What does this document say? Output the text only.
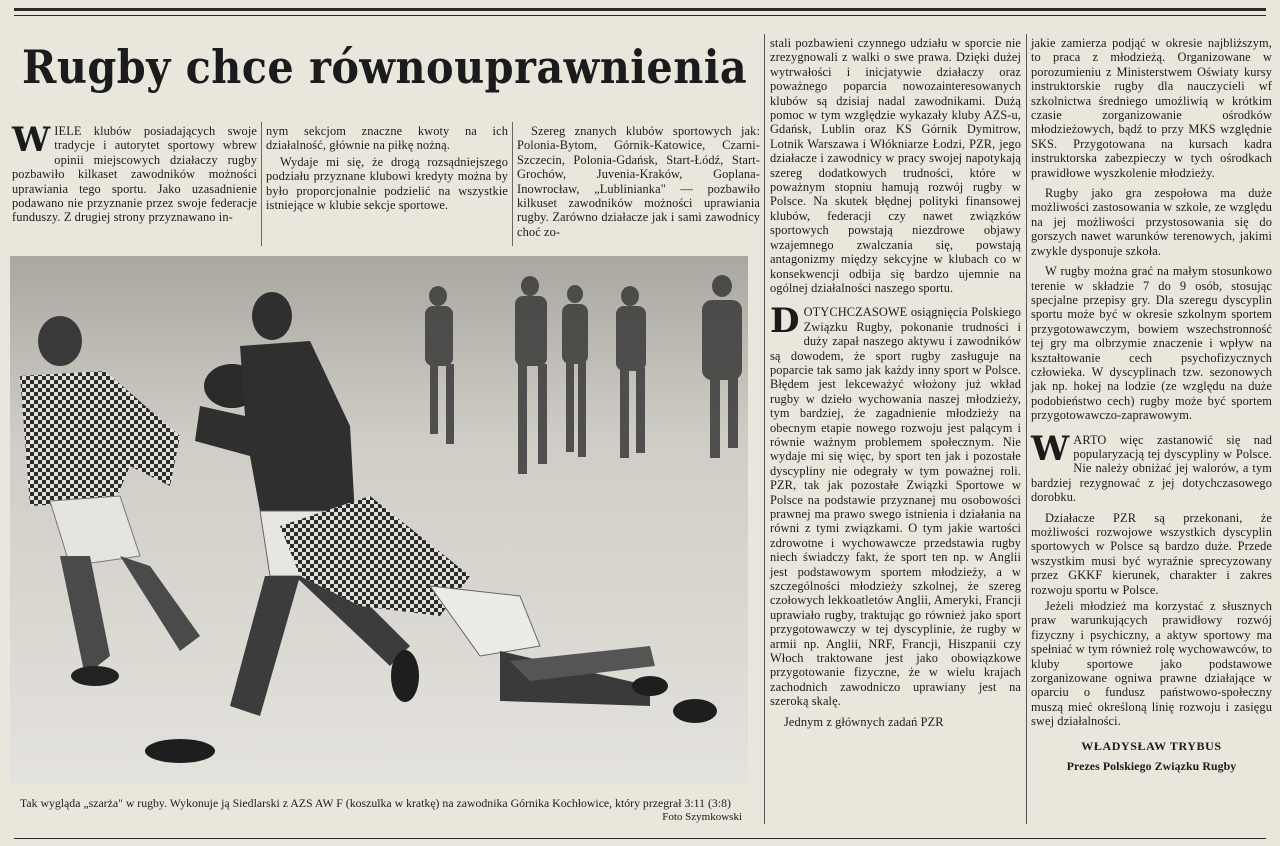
Rugby chce równouprawnienia

WIELE klubów posiadających swoje tradycje i autorytet sportowy wbrew opinii miejscowych działaczy rugby pozbawiło kilkaset zawodników możności uprawiania tego sportu. Jako uzasadnienie podawano nie przyznanie przez swoje federacje funduszy. Z drugiej strony przyznawano in-

nym sekcjom znaczne kwoty na ich działalność, głównie na piłkę nożną.

Wydaje mi się, że drogą rozsądniejszego podziału przyznane klubowi kredyty można by było proporcjonalnie podzielić na wszystkie istniejące w klubie sekcje sportowe.

Szereg znanych klubów sportowych jak: Polonia-Bytom, Górnik-Katowice, Czarni-Szczecin, Polonia-Gdańsk, Start-Łódź, Start-Grochów, Juvenia-Kraków, Goplana-Inowrocław, „Lublinianka" — pozbawiło kilkuset zawodników możności uprawiania rugby. Zarówno działacze jak i sami zawodnicy choć zo-

Tak wygląda „szarża" w rugby. Wykonuje ją Siedlarski z AZS AW F (koszulka w kratkę) na zawodnika Górnika Kochłowice, który przegrał 3:11 (3:8)
Foto Szymkowski

stali pozbawieni czynnego udziału w sporcie nie zrezygnowali z walki o swe prawa. Dzięki dużej wytrwałości i inicjatywie działaczy oraz poważnego poparcia nowozainteresowanych klubów są dzisiaj nadal zawodnikami. Dużą pomoc w tym względzie wykazały kluby AZS-u, Gdańsk, Lublin oraz KS Górnik Dymitrow, Lotnik Warszawa i Włókniarze Łodzi, PZR, jego działacze i zawodnicy w pracy swojej napotykają szereg dodatkowych trudności, które w poważnym stopniu hamują rozwój rugby w Polsce. Na skutek błędnej polityki finansowej klubów, federacji czy nawet związków sportowych powstają niezdrowe objawy wzajemnego zwalczania się, powstają antagonizmy między sekcyjne w klubach co w konsekwencji odbija się bardzo ujemnie na ogólnej działalności naszego sportu.

DOTYCHCZASOWE osiągnięcia Polskiego Związku Rugby, pokonanie trudności i duży zapał naszego aktywu i zawodników są dowodem, że sport rugby zasługuje na poparcie tak samo jak każdy inny sport w Polsce. Błędem jest lekceważyć włożony już wkład rugby w dzieło wychowania naszej młodzieży, tym bardziej, że zagadnienie młodzieży na obecnym etapie nowego rozwoju jest palącym i równie ważnym problemem społecznym. Nie wydaje mi się więc, by sport ten jak i pozostałe dyscypliny nie odegrały w tym poważnej roli. PZR, tak jak pozostałe Związki Sportowe w Polsce na podstawie przyznanej mu osobowości prawnej ma prawo swego istnienia i działania na równi z tymi związkami. O tym jakie wartości zdrowotne i wychowawcze przedstawia rugby niech świadczy fakt, że sport ten np. w Anglii jest podstawowym sportem młodzieży, a w szczególności młodzieży szkolnej, że szereg czołowych lekkoatletów Anglii, Ameryki, Francji uprawiało rugby, traktując go również jako sport przygotowawczy w tej dyscyplinie, że rugby w armii np. Anglii, NRF, Francji, Hiszpanii czy Włoch traktowane jest jako obowiązkowe przygotowanie fizyczne, że w wielu krajach zachodnich zawodniczo uprawiany jest na szeroką skalę.

Jednym z głównych zadań PZR

jakie zamierza podjąć w okresie najbliższym, to praca z młodzieżą. Organizowane w porozumieniu z Ministerstwem Oświaty kursy instruktorskie rugby dla nauczycieli wf szkolnictwa średniego umożliwią w krótkim czasie zorganizowanie ośrodków młodzieżowych, bądź to przy MKS względnie SKS. Przygotowana na kursach kadra instruktorska zabezpieczy w tych ośrodkach prawidłowe wyszkolenie młodzieży.

Rugby jako gra zespołowa ma duże możliwości zastosowania w szkole, ze względu na jej możliwości przystosowania się do gorszych nawet warunków terenowych, jakimi zwykle dysponuje szkoła.

W rugby można grać na małym stosunkowo terenie w składzie 7 do 9 osób, stosując specjalne przepisy gry. Dla szeregu dyscyplin sportu może być w okresie szkolnym sportem przygotowawczym, bowiem wszechstronność tej gry ma olbrzymie znaczenie i wpływ na kształtowanie cech psychofizycznych człowieka. W dyscyplinach tzw. sezonowych jak np. hokej na lodzie (ze względu na duże podobieństwo cech) rugby może być sportem przygotowawczo-zaprawowym.

WARTO więc zastanowić się nad popularyzacją tej dyscypliny w Polsce. Nie należy obniżać jej walorów, a tym bardziej rezygnować z jej dotychczasowego dorobku.

Działacze PZR są przekonani, że możliwości rozwojowe wszystkich dyscyplin sportowych w Polsce są bardzo duże. Przede wszystkim musi być wyraźnie sprecyzowany przez GKKF kierunek, charakter i zakres rozwoju sportu w Polsce.

Jeżeli młodzież ma korzystać z słusznych praw warunkujących prawidłowy rozwój fizyczny i psychiczny, a aktyw sportowy ma spełniać w tym również rolę wychowawców, to kluby sportowe jako podstawowe zorganizowane ogniwa prawne działające w oparciu o fundusz państwowo-społeczny muszą mieć określoną linię rozwoju i zasięgu swej działalności.

WŁADYSŁAW TRYBUS
Prezes Polskiego Związku Rugby
